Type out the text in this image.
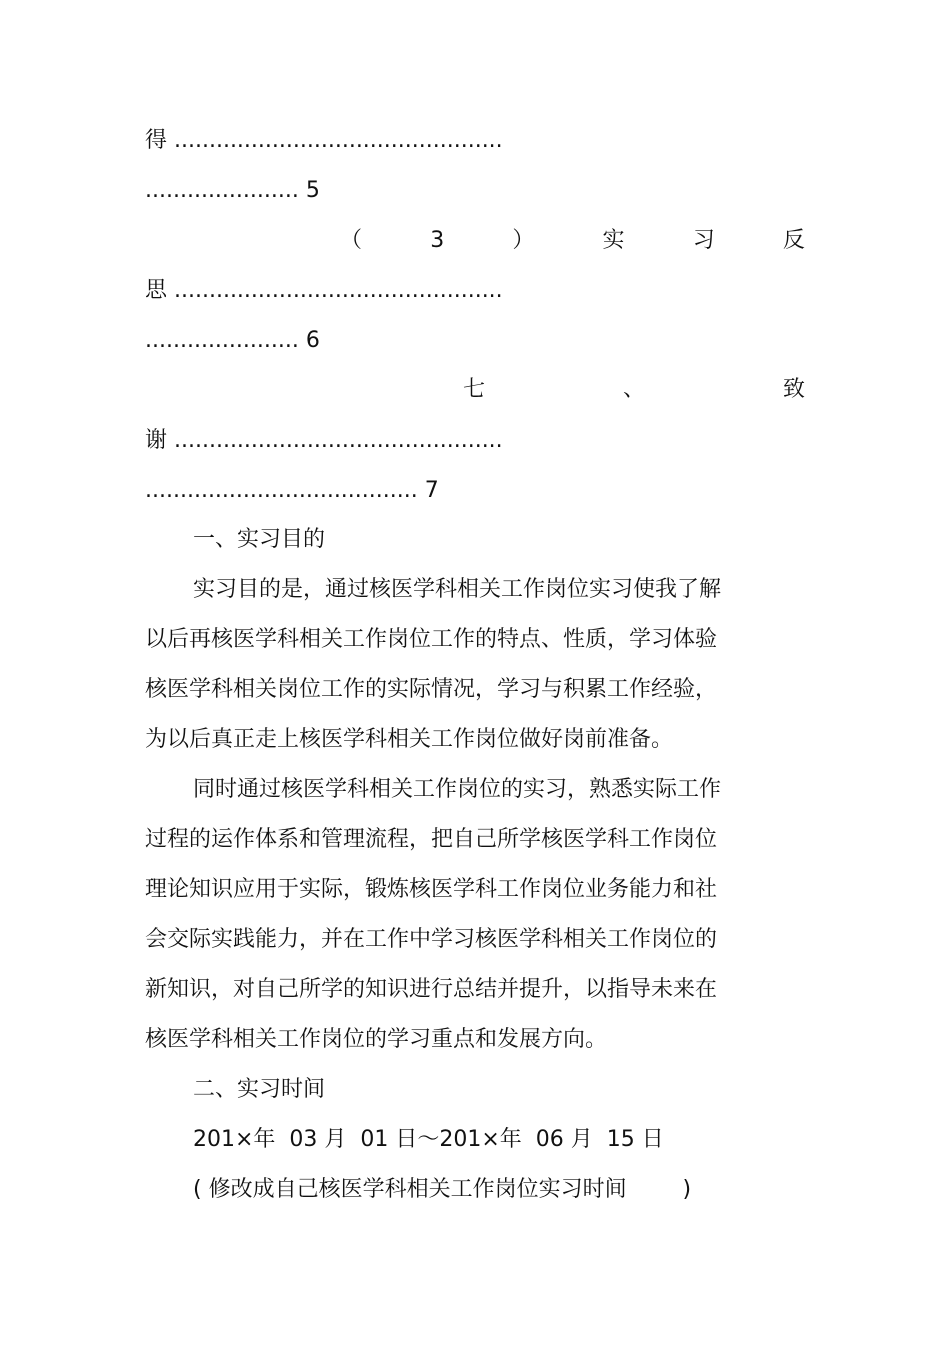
得 ...............................................
...................... 5
（	3	）	实	习	反
思 ...............................................
...................... 6
七	、	致
谢 ...............................................
....................................... 7
一、实习目的
实习目的是，通过核医学科相关工作岗位实习使我了解
以后再核医学科相关工作岗位工作的特点、性质，学习体验
核医学科相关岗位工作的实际情况，学习与积累工作经验，
为以后真正走上核医学科相关工作岗位做好岗前准备。
同时通过核医学科相关工作岗位的实习，熟悉实际工作
过程的运作体系和管理流程，把自己所学核医学科工作岗位
理论知识应用于实际，锻炼核医学科工作岗位业务能力和社
会交际实践能力，并在工作中学习核医学科相关工作岗位的
新知识，对自己所学的知识进行总结并提升，以指导未来在
核医学科相关工作岗位的学习重点和发展方向。
二、实习时间
201×年  03 月  01 日～201×年  06 月  15 日
( 修改成自己核医学科相关工作岗位实习时间        )
